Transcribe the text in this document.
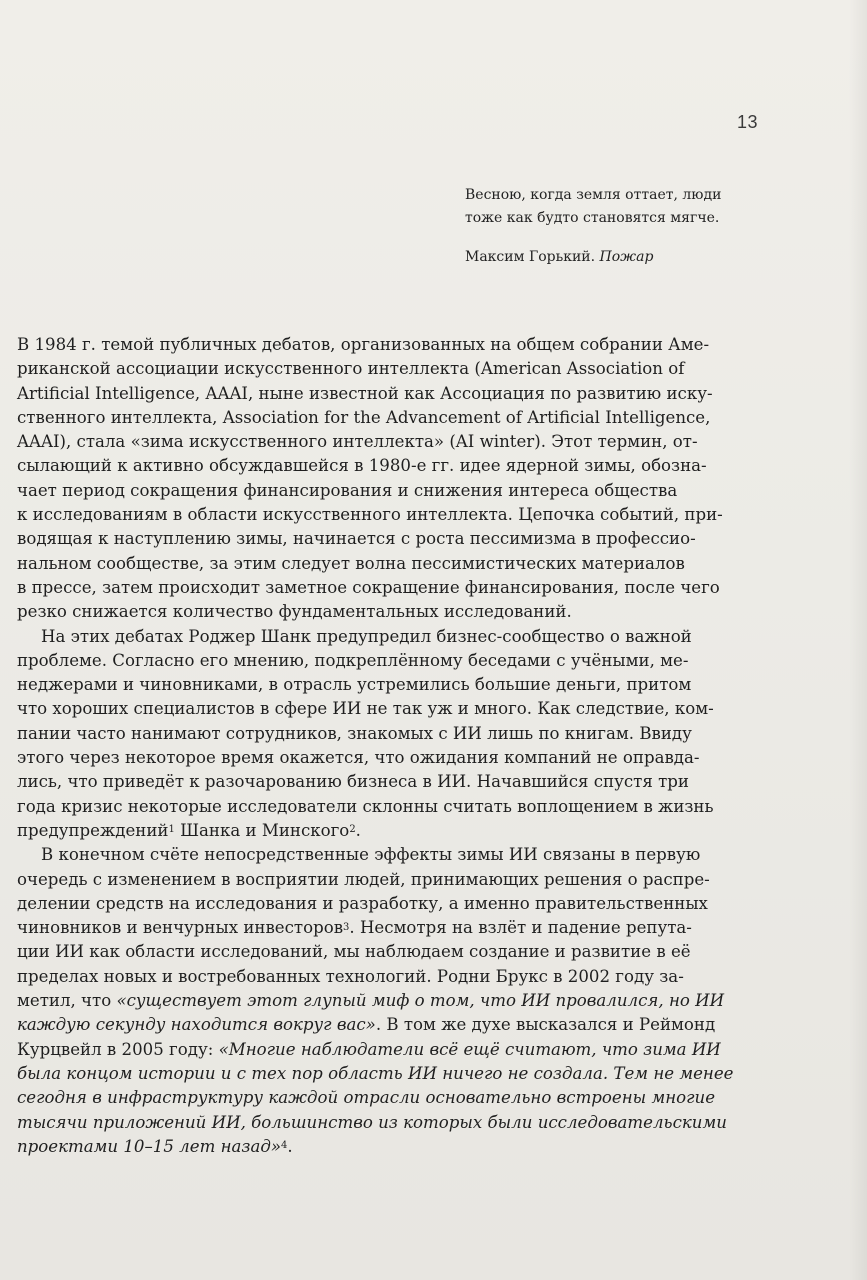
13
Весною, когда земля оттает, люди
тоже как будто становятся мягче.
Максим Горький. Пожар
В 1984 г. темой публичных дебатов, организованных на общем собрании Аме-
риканской ассоциации искусственного интеллекта (American Association of
Artificial Intelligence, AAAI, ныне известной как Ассоциация по развитию иску-
ственного интеллекта, Association for the Advancement of Artificial Intelligence,
AAAI), стала «зима искусственного интеллекта» (AI winter). Этот термин, от-
сылающий к активно обсуждавшейся в 1980-е гг. идее ядерной зимы, обозна-
чает период сокращения финансирования и снижения интереса общества
к исследованиям в области искусственного интеллекта. Цепочка событий, при-
водящая к наступлению зимы, начинается с роста пессимизма в профессио-
нальном сообществе, за этим следует волна пессимистических материалов
в прессе, затем происходит заметное сокращение финансирования, после чего
резко снижается количество фундаментальных исследований.
На этих дебатах Роджер Шанк предупредил бизнес-сообщество о важной
проблеме. Согласно его мнению, подкреплённому беседами с учёными, ме-
неджерами и чиновниками, в отрасль устремились большие деньги, притом
что хороших специалистов в сфере ИИ не так уж и много. Как следствие, ком-
пании часто нанимают сотрудников, знакомых с ИИ лишь по книгам. Ввиду
этого через некоторое время окажется, что ожидания компаний не оправда-
лись, что приведёт к разочарованию бизнеса в ИИ. Начавшийся спустя три
года кризис некоторые исследователи склонны считать воплощением в жизнь
предупреждений$^1$ Шанка и Минского$^2$.
В конечном счёте непосредственные эффекты зимы ИИ связаны в первую
очередь с изменением в восприятии людей, принимающих решения о распре-
делении средств на исследования и разработку, а именно правительственных
чиновников и венчурных инвесторов$^3$. Несмотря на взлёт и падение репута-
ции ИИ как области исследований, мы наблюдаем создание и развитие в её
пределах новых и востребованных технологий. Родни Брукс в 2002 году за-
метил, что «существует этот глупый миф о том, что ИИ провалился, но ИИ
каждую секунду находится вокруг вас». В том же духе высказался и Реймонд
Курцвейл в 2005 году: «Многие наблюдатели всё ещё считают, что зима ИИ
была концом истории и с тех пор область ИИ ничего не создала. Тем не менее
сегодня в инфраструктуру каждой отрасли основательно встроены многие
тысячи приложений ИИ, большинство из которых были исследовательскими
проектами 10–15 лет назад»$^4$.
